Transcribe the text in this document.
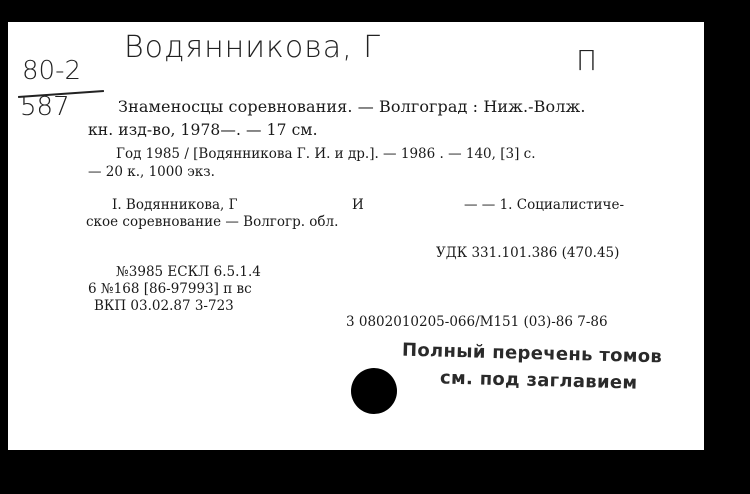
Водянникова, Г	П
80-2
587	Знаменосцы соревнования. — Волгоград : Ниж.-Волж.
кн. изд-во, 1978—. — 17 см.
Год 1985 / [Водянникова Г. И. и др.]. — 1986 . — 140, [3] с.
— 20 к., 1000 экз.
I. Водянникова, Г	И	— — 1. Социалистиче-
ское соревнование — Волгогр. обл.
УДК 331.101.386 (470.45)
№3985 ЕСКЛ 6.5.1.4
6 №168 [86-97993] п вс
ВКП 03.02.87 3-723
3 0802010205-066/М151 (03)-86 7-86
Полный перечень томов
см. под заглавием
